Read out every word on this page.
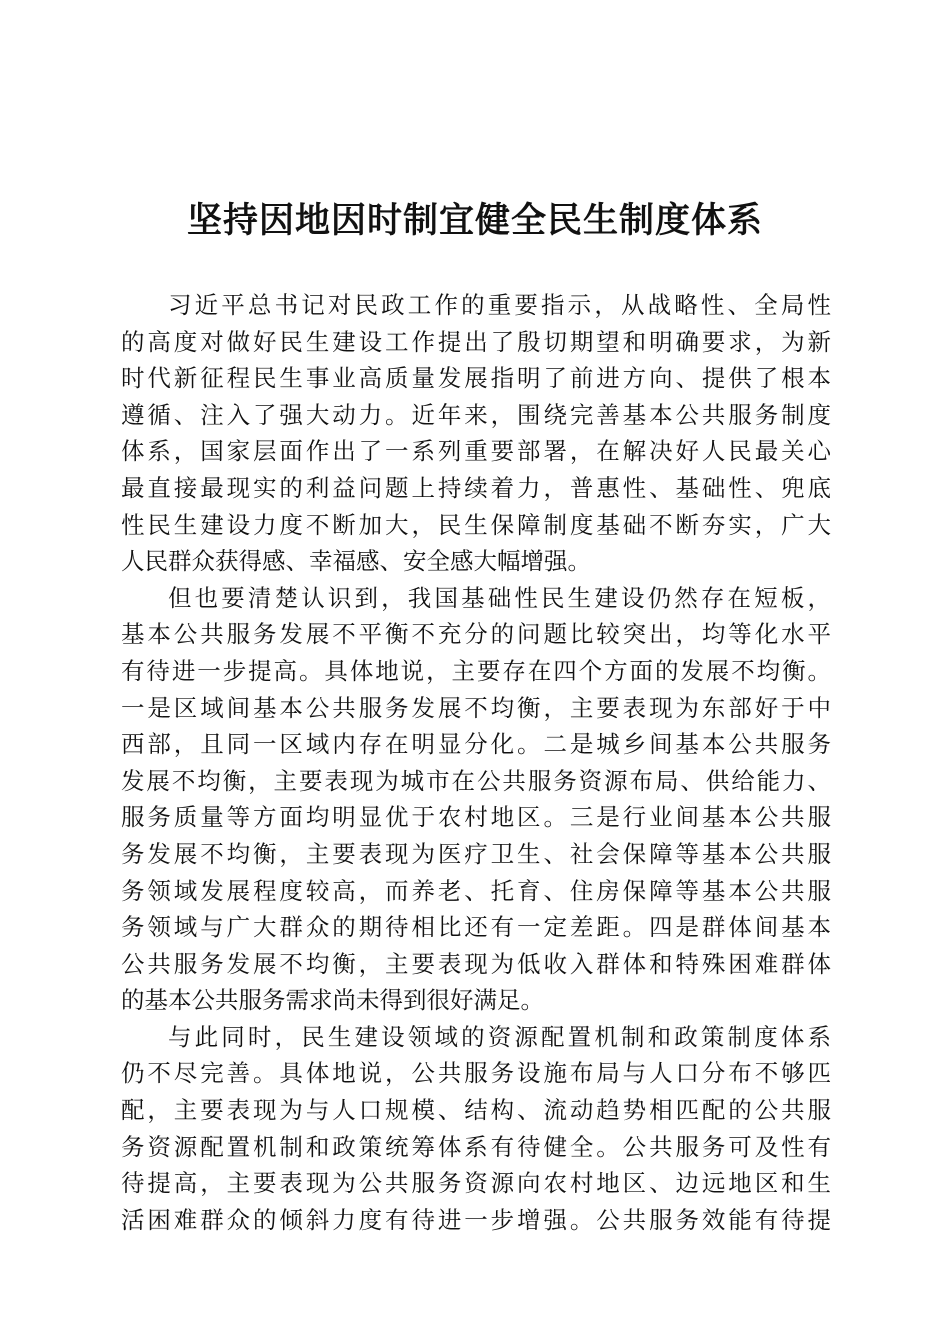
坚持因地因时制宜健全民生制度体系

习近平总书记对民政工作的重要指示，从战略性、全局性
的高度对做好民生建设工作提出了殷切期望和明确要求，为新
时代新征程民生事业高质量发展指明了前进方向、提供了根本
遵循、注入了强大动力。近年来，围绕完善基本公共服务制度
体系，国家层面作出了一系列重要部署，在解决好人民最关心
最直接最现实的利益问题上持续着力，普惠性、基础性、兜底
性民生建设力度不断加大，民生保障制度基础不断夯实，广大
人民群众获得感、幸福感、安全感大幅增强。

但也要清楚认识到，我国基础性民生建设仍然存在短板，
基本公共服务发展不平衡不充分的问题比较突出，均等化水平
有待进一步提高。具体地说，主要存在四个方面的发展不均衡。
一是区域间基本公共服务发展不均衡，主要表现为东部好于中
西部，且同一区域内存在明显分化。二是城乡间基本公共服务
发展不均衡，主要表现为城市在公共服务资源布局、供给能力、
服务质量等方面均明显优于农村地区。三是行业间基本公共服
务发展不均衡，主要表现为医疗卫生、社会保障等基本公共服
务领域发展程度较高，而养老、托育、住房保障等基本公共服
务领域与广大群众的期待相比还有一定差距。四是群体间基本
公共服务发展不均衡，主要表现为低收入群体和特殊困难群体
的基本公共服务需求尚未得到很好满足。

与此同时，民生建设领域的资源配置机制和政策制度体系
仍不尽完善。具体地说，公共服务设施布局与人口分布不够匹
配，主要表现为与人口规模、结构、流动趋势相匹配的公共服
务资源配置机制和政策统筹体系有待健全。公共服务可及性有
待提高，主要表现为公共服务资源向农村地区、边远地区和生
活困难群众的倾斜力度有待进一步增强。公共服务效能有待提
